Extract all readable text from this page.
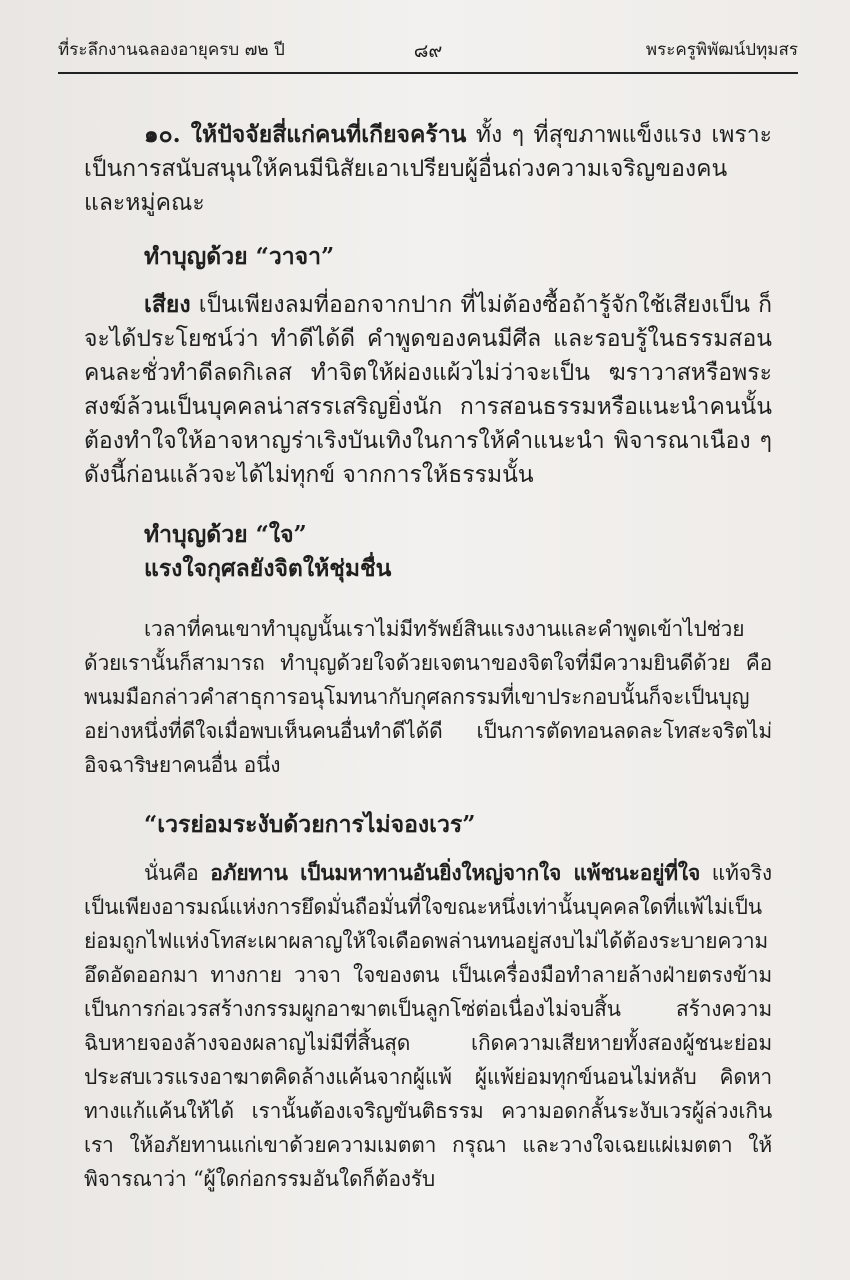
ที่ระลึกงานฉลองอายุครบ ๗๒ ปี	๘๙	พระครูพิพัฒน์ปทุมสร

๑๐. ให้ปัจจัยสี่แก่คนที่เกียจคร้าน ทั้ง ๆ ที่สุขภาพแข็งแรง เพราะเป็นการสนับสนุนให้คนมีนิสัยเอาเปรียบผู้อื่นถ่วงความเจริญของคน และหมู่คณะ

ทำบุญด้วย “วาจา”

เสียง เป็นเพียงลมที่ออกจากปาก ที่ไม่ต้องซื้อถ้ารู้จักใช้เสียงเป็น ก็จะได้ประโยชน์ว่า ทำดีได้ดี คำพูดของคนมีศีล และรอบรู้ในธรรมสอนคนละชั่วทำดีลดกิเลส ทำจิตให้ผ่องแผ้วไม่ว่าจะเป็น ฆราวาสหรือพระสงฆ์ล้วนเป็นบุคคลน่าสรรเสริญยิ่งนัก การสอนธรรมหรือแนะนำคนนั้นต้องทำใจให้อาจหาญร่าเริงบันเทิงในการให้คำแนะนำ พิจารณาเนือง ๆดังนี้ก่อนแล้วจะได้ไม่ทุกข์ จากการให้ธรรมนั้น

ทำบุญด้วย “ใจ”

แรงใจกุศลยังจิตให้ชุ่มชื่น

เวลาที่คนเขาทำบุญนั้นเราไม่มีทรัพย์สินแรงงานและคำพูดเข้าไปช่วยด้วยเรานั้นก็สามารถ ทำบุญด้วยใจด้วยเจตนาของจิตใจที่มีความยินดีด้วย คือพนมมือกล่าวคำสาธุการอนุโมทนากับกุศลกรรมที่เขาประกอบนั้นก็จะเป็นบุญอย่างหนึ่งที่ดีใจเมื่อพบเห็นคนอื่นทำดีได้ดี เป็นการตัดทอนลดละโทสะจริตไม่อิจฉาริษยาคนอื่น อนึ่ง

“เวรย่อมระงับด้วยการไม่จองเวร”

นั่นคือ อภัยทาน เป็นมหาทานอันยิ่งใหญ่จากใจ แพ้ชนะอยู่ที่ใจ แท้จริงเป็นเพียงอารมณ์แห่งการยึดมั่นถือมั่นที่ใจขณะหนึ่งเท่านั้นบุคคลใดที่แพ้ไม่เป็นย่อมถูกไฟแห่งโทสะเผาผลาญให้ใจเดือดพล่านทนอยู่สงบไม่ได้ต้องระบายความอึดอัดออกมา ทางกาย วาจา ใจของตน เป็นเครื่องมือทำลายล้างฝ่ายตรงข้าม เป็นการก่อเวรสร้างกรรมผูกอาฆาตเป็นลูกโซ่ต่อเนื่องไม่จบสิ้น สร้างความฉิบหายจองล้างจองผลาญไม่มีที่สิ้นสุด เกิดความเสียหายทั้งสองผู้ชนะย่อมประสบเวรแรงอาฆาตคิดล้างแค้นจากผู้แพ้ ผู้แพ้ย่อมทุกข์นอนไม่หลับ คิดหาทางแก้แค้นให้ได้ เรานั้นต้องเจริญขันติธรรม ความอดกลั้นระงับเวรผู้ล่วงเกินเรา ให้อภัยทานแก่เขาด้วยความเมตตา กรุณา และวางใจเฉยแผ่เมตตา ให้พิจารณาว่า “ผู้ใดก่อกรรมอันใดก็ต้องรับ
